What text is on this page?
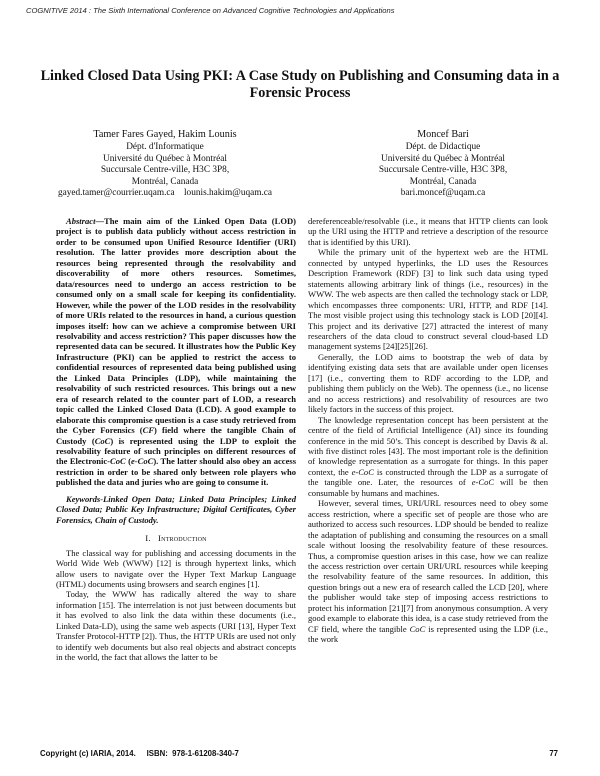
COGNITIVE 2014 : The Sixth International Conference on Advanced Cognitive Technologies and Applications
Linked Closed Data Using PKI: A Case Study on Publishing and Consuming data in a Forensic Process
Tamer Fares Gayed, Hakim Lounis
Dépt. d'Informatique
Université du Québec à Montréal
Succursale Centre-ville, H3C 3P8,
Montréal, Canada
gayed.tamer@courrier.uqam.ca    lounis.hakim@uqam.ca
Moncef Bari
Dépt. de Didactique
Université du Québec à Montréal
Succursale Centre-ville, H3C 3P8,
Montréal, Canada
bari.moncef@uqam.ca

Abstract—The main aim of the Linked Open Data (LOD) project is to publish data publicly without access restriction in order to be consumed upon Unified Resource Identifier (URI) resolution. The latter provides more description about the resources being represented through the resolvability and discoverability of more others resources. Sometimes, data/resources need to undergo an access restriction to be consumed only on a small scale for keeping its confidentiality. However, while the power of the LOD resides in the resolvability of more URIs related to the resources in hand, a curious question imposes itself: how can we achieve a compromise between URI resolvability and access restriction? This paper discusses how the represented data can be secured. It illustrates how the Public Key Infrastructure (PKI) can be applied to restrict the access to confidential resources of represented data being published using the Linked Data Principles (LDP), while maintaining the resolvability of such restricted resources. This brings out a new era of research related to the counter part of LOD, a research topic called the Linked Closed Data (LCD). A good example to elaborate this compromise question is a case study retrieved from the Cyber Forensics (CF) field where the tangible Chain of Custody (CoC) is represented using the LDP to exploit the resolvability feature of such principles on different resources of the Electronic-CoC (e-CoC). The latter should also obey an access restriction in order to be shared only between role players who published the data and juries who are going to consume it.

Keywords-Linked Open Data; Linked Data Principles; Linked Closed Data; Public Key Infrastructure; Digital Certificates, Cyber Forensics, Chain of Custody.

I. Introduction

The classical way for publishing and accessing documents in the World Wide Web (WWW) [12] is through hypertext links, which allow users to navigate over the Hyper Text Markup Language (HTML) documents using browsers and search engines [1].

Today, the WWW has radically altered the way to share information [15]. The interrelation is not just between documents but it has evolved to also link the data within these documents (i.e., Linked Data-LD), using the same web aspects (URI [13], Hyper Text Transfer Protocol-HTTP [2]). Thus, the HTTP URIs are used not only to identify web documents but also real objects and abstract concepts in the world, the fact that allows the latter to be

dereferenceable/resolvable (i.e., it means that HTTP clients can look up the URI using the HTTP and retrieve a description of the resource that is identified by this URI).

While the primary unit of the hypertext web are the HTML connected by untyped hyperlinks, the LD uses the Resources Description Framework (RDF) [3] to link such data using typed statements allowing arbitrary link of things (i.e., resources) in the WWW. The web aspects are then called the technology stack or LDP, which encompasses three components: URI, HTTP, and RDF [14]. The most visible project using this technology stack is LOD [20][4]. This project and its derivative [27] attracted the interest of many researchers of the data cloud to construct several cloud-based LD management systems [24][25][26].

Generally, the LOD aims to bootstrap the web of data by identifying existing data sets that are available under open licenses [17] (i.e., converting them to RDF according to the LDP, and publishing them publicly on the Web). The openness (i.e., no license and no access restrictions) and resolvability of resources are two likely factors in the success of this project.

The knowledge representation concept has been persistent at the centre of the field of Artificial Intelligence (AI) since its founding conference in the mid 50’s. This concept is described by Davis & al. with five distinct roles [43]. The most important role is the definition of knowledge representation as a surrogate for things. In this paper context, the e-CoC is constructed through the LDP as a surrogate of the tangible one. Later, the resources of e-CoC will be then consumable by humans and machines.

However, several times, URI/URL resources need to obey some access restriction, where a specific set of people are those who are authorized to access such resources. LDP should be bended to realize the adaptation of publishing and consuming the resources on a small scale without loosing the resolvability feature of these resources. Thus, a compromise question arises in this case, how we can realize the access restriction over certain URI/URL resources while keeping the resolvability feature of the same resources. In addition, this question brings out a new era of research called the LCD [20], where the publisher would take step of imposing access restrictions to protect his information [21][7] from anonymous consumption. A very good example to elaborate this idea, is a case study retrieved from the CF field, where the tangible CoC is represented using the LDP (i.e., the work

Copyright (c) IARIA, 2014.     ISBN:  978-1-61208-340-7	77
